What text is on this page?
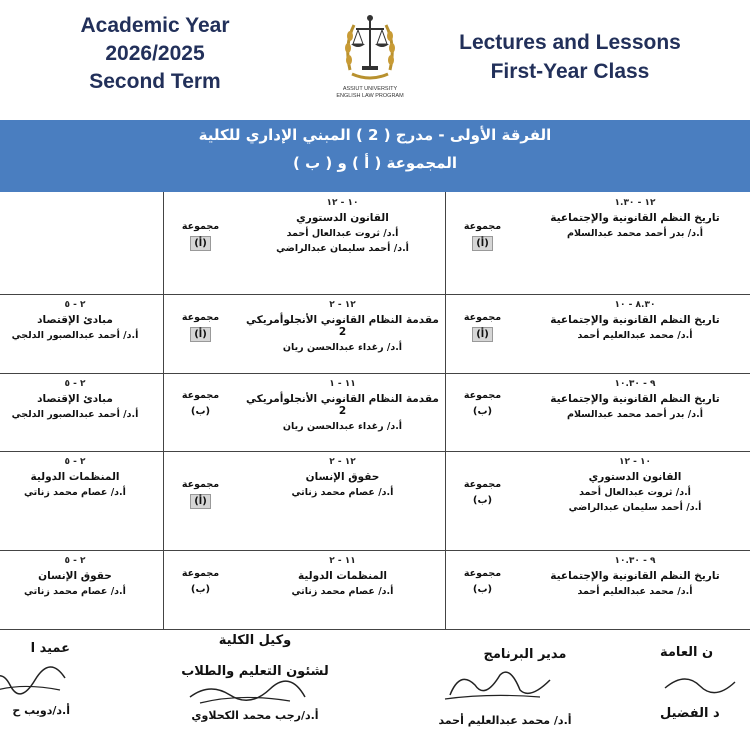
Academic Year
2026/2025
Second Term	ASSIUT UNIVERSITY
ENGLISH LAW PROGRAM
Lectures and Lessons
First-Year Class
الفرقة الأولى - مدرج ( 2 ) المبني الإداري للكلية
المجموعة ( أ ) و ( ب )
١٢ - ١.٣٠
تاريخ النظم القانونية والإجتماعية
أ.د/ بدر أحمد محمد عبدالسلام
مجموعة
(أ)
١٠ - ١٢
القانون الدستوري
أ.د/ ثروت عبدالعال أحمد
أ.د/ أحمد سليمان عبدالراضي
مجموعة
(أ)
٨.٣٠ - ١٠
تاريخ النظم القانونية والإجتماعية
أ.د/ محمد عبدالعليم أحمد
مجموعة
(أ)
١٢ - ٢
مقدمة النظام القانوني الأنجلوأمريكي 2
أ.د/ رغداء عبدالحسن ريان
مجموعة
(أ)
٢ - ٥
مبادئ الإقتصاد
أ.د/ أحمد عبدالصبور الدلجي
٩ - ١٠.٣٠
تاريخ النظم القانونية والإجتماعية
أ.د/ بدر أحمد محمد عبدالسلام
مجموعة
(ب)
١١ - ١
مقدمة النظام القانوني الأنجلوأمريكي 2
أ.د/ رغداء عبدالحسن ريان
مجموعة
(ب)
٢ - ٥
مبادئ الإقتصاد
أ.د/ أحمد عبدالصبور الدلجي
١٠ - ١٢
القانون الدستوري
أ.د/ ثروت عبدالعال أحمد
أ.د/ أحمد سليمان عبدالراضي
مجموعة
(ب)
١٢ - ٢
حقوق الإنسان
أ.د/ عصام محمد زناتي
مجموعة
(أ)
٢ - ٥
المنظمات الدولية
أ.د/ عصام محمد زناتي
٩ - ١٠.٣٠
تاريخ النظم القانونية والإجتماعية
أ.د/ محمد عبدالعليم أحمد
مجموعة
(ب)
١١ - ٢
المنظمات الدولية
أ.د/ عصام محمد زناتي
مجموعة
(ب)
٢ - ٥
حقوق الإنسان
أ.د/ عصام محمد زناتي
عميد ا
أ.د/دويب ح
وكيل الكلية
لشئون التعليم والطلاب
أ.د/رجب محمد الكحلاوي
مدير البرنامج
أ.د/ محمد عبدالعليم أحمد
ن العامة
د الفضيل
